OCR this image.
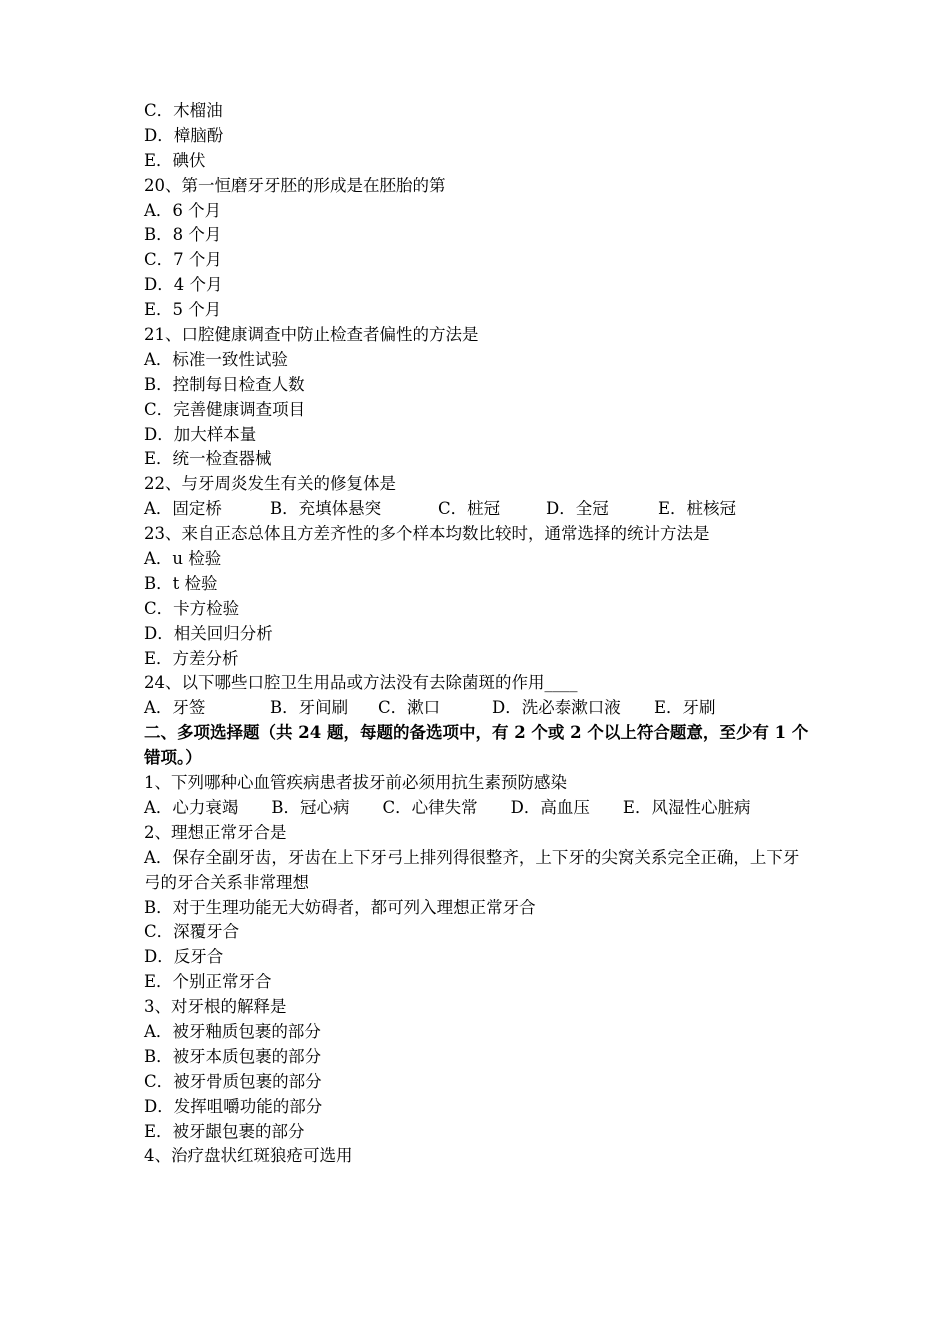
C．木榴油
D．樟脑酚
E．碘伏
20、第一恒磨牙牙胚的形成是在胚胎的第
A．6 个月
B．8 个月
C．7 个月
D．4 个月
E．5 个月
21、口腔健康调查中防止检查者偏性的方法是
A．标准一致性试验
B．控制每日检查人数
C．完善健康调查项目
D．加大样本量
E．统一检查器械
22、与牙周炎发生有关的修复体是
A．固定桥	B．充填体悬突	C．桩冠	D．全冠	E．桩核冠
23、来自正态总体且方差齐性的多个样本均数比较时，通常选择的统计方法是
A．u 检验
B．t 检验
C．卡方检验
D．相关回归分析
E．方差分析
24、以下哪些口腔卫生用品或方法没有去除菌斑的作用____
A．牙签	B．牙间刷	C．漱口	D．洗必泰漱口液	E．牙刷
二、多项选择题（共 24 题，每题的备选项中，有 2 个或 2 个以上符合题意，至少有 1 个错项。）
1、下列哪种心血管疾病患者拔牙前必须用抗生素预防感染
A．心力衰竭　　B．冠心病　　C．心律失常　　D．高血压　　E．风湿性心脏病
2、理想正常牙合是
A．保存全副牙齿，牙齿在上下牙弓上排列得很整齐，上下牙的尖窝关系完全正确，上下牙弓的牙合关系非常理想
B．对于生理功能无大妨碍者，都可列入理想正常牙合
C．深覆牙合
D．反牙合
E．个别正常牙合
3、对牙根的解释是
A．被牙釉质包裹的部分
B．被牙本质包裹的部分
C．被牙骨质包裹的部分
D．发挥咀嚼功能的部分
E．被牙龈包裹的部分
4、治疗盘状红斑狼疮可选用
